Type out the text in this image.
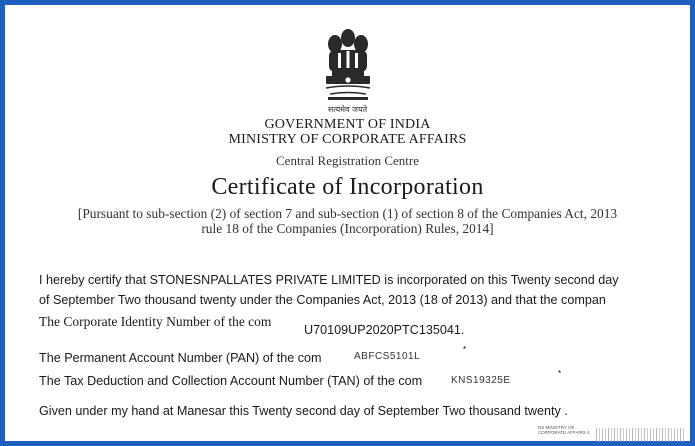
सत्यमेव जयते
GOVERNMENT OF INDIA
MINISTRY OF CORPORATE AFFAIRS
Central Registration Centre
Certificate of Incorporation
[Pursuant to sub-section (2) of section 7 and sub-section (1) of section 8 of the Companies Act, 2013
rule 18 of the Companies (Incorporation) Rules, 2014]
I hereby certify that STONESNPALLATES PRIVATE LIMITED is incorporated on this Twenty second day
of September Two thousand twenty under the Companies Act, 2013 (18 of 2013) and that the compan
The Corporate Identity Number of the com
U70109UP2020PTC135041.
The Permanent Account Number (PAN) of the com	ABFCS5101L
*
The Tax Deduction and Collection Account Number (TAN) of the com	KNS19325E
*
Given under my hand at Manesar this Twenty second day of September Two thousand twenty .
DS MINISTRY OF CORPORATE AFFAIRS 4
